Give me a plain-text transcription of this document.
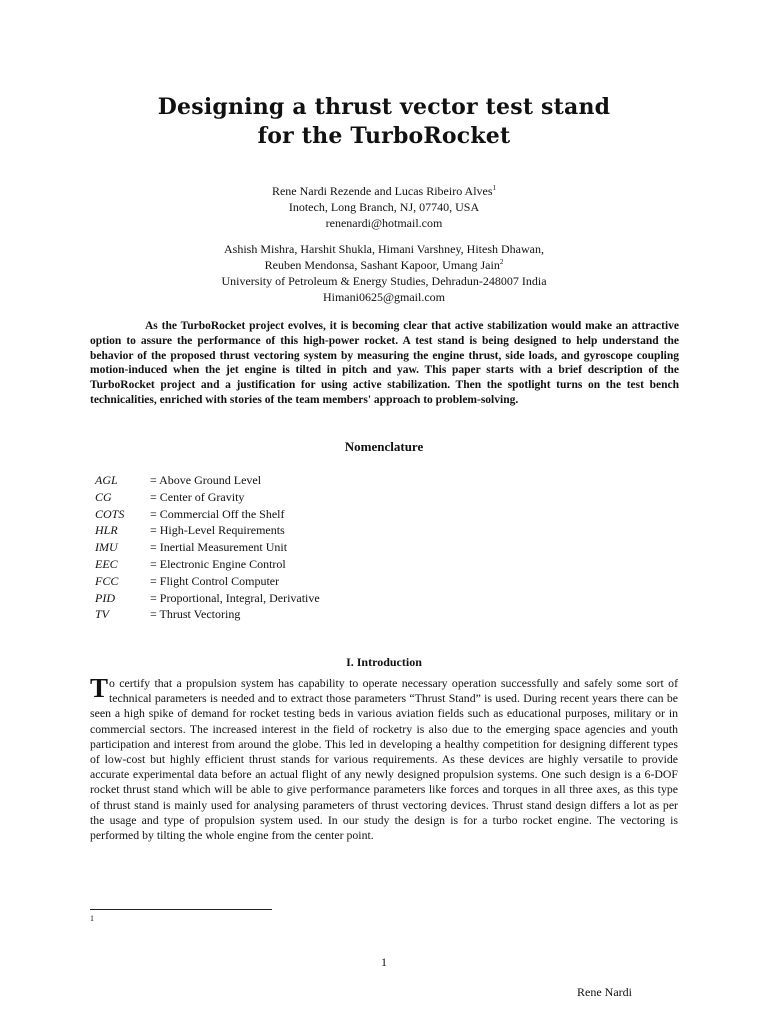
Designing a thrust vector test stand
for the TurboRocket
Rene Nardi Rezende and Lucas Ribeiro Alves$^1$
Inotech, Long Branch, NJ, 07740, USA
renenardi@hotmail.com
Ashish Mishra, Harshit Shukla, Himani Varshney, Hitesh Dhawan,
Reuben Mendonsa, Sashant Kapoor, Umang Jain$^2$
University of Petroleum & Energy Studies, Dehradun-248007 India
Himani0625@gmail.com
As the TurboRocket project evolves, it is becoming clear that active stabilization would make an attractive option to assure the performance of this high-power rocket. A test stand is being designed to help understand the behavior of the proposed thrust vectoring system by measuring the engine thrust, side loads, and gyroscope coupling motion-induced when the jet engine is tilted in pitch and yaw. This paper starts with a brief description of the TurboRocket project and a justification for using active stabilization. Then the spotlight turns on the test bench technicalities, enriched with stories of the team members' approach to problem-solving.
Nomenclature
AGL	= Above Ground Level
CG	= Center of Gravity
COTS	= Commercial Off the Shelf
HLR	= High-Level Requirements
IMU	= Inertial Measurement Unit
EEC	= Electronic Engine Control
FCC	= Flight Control Computer
PID	= Proportional, Integral, Derivative
TV	= Thrust Vectoring
I. Introduction
To certify that a propulsion system has capability to operate necessary operation successfully and safely some sort of technical parameters is needed and to extract those parameters “Thrust Stand” is used. During recent years there can be seen a high spike of demand for rocket testing beds in various aviation fields such as educational purposes, military or in commercial sectors. The increased interest in the field of rocketry is also due to the emerging space agencies and youth participation and interest from around the globe. This led in developing a healthy competition for designing different types of low-cost but highly efficient thrust stands for various requirements. As these devices are highly versatile to provide accurate experimental data before an actual flight of any newly designed propulsion systems. One such design is a 6-DOF rocket thrust stand which will be able to give performance parameters like forces and torques in all three axes, as this type of thrust stand is mainly used for analysing parameters of thrust vectoring devices. Thrust stand design differs a lot as per the usage and type of propulsion system used. In our study the design is for a turbo rocket engine. The vectoring is performed by tilting the whole engine from the center point.
1
1
Rene Nardi
